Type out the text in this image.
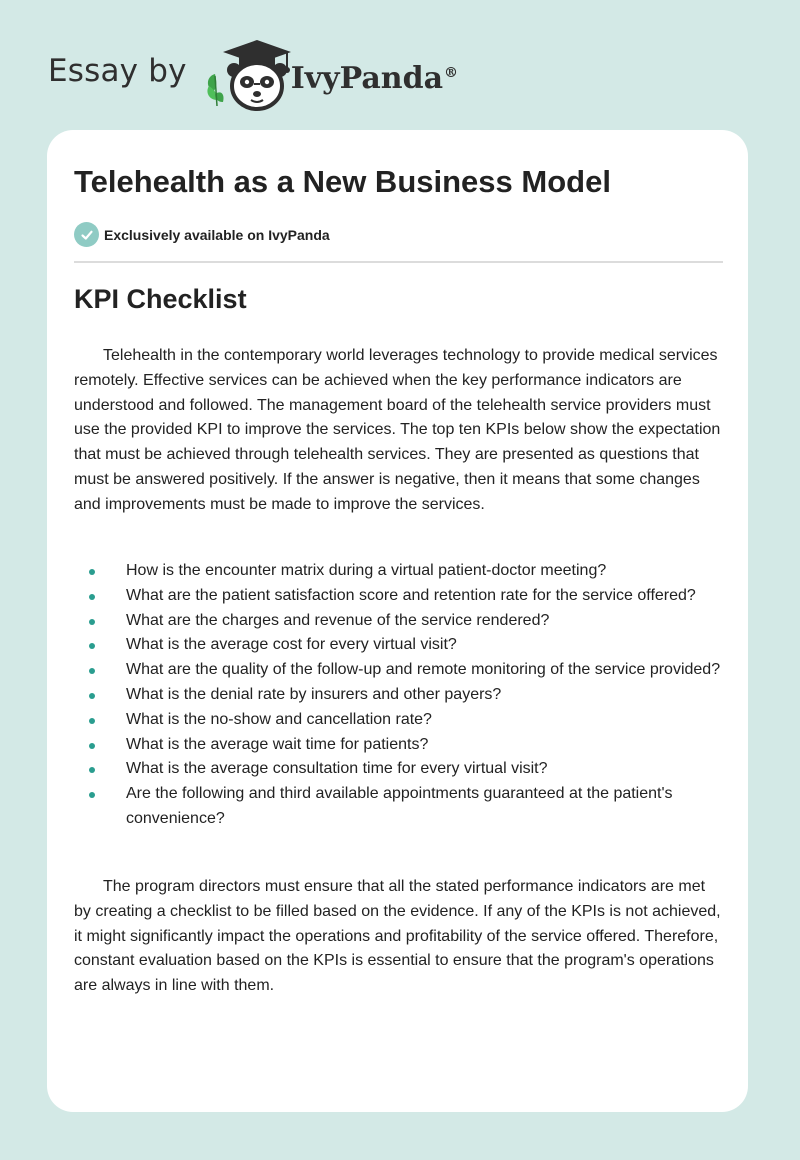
Essay by	IvyPanda®
Telehealth as a New Business Model
Exclusively available on IvyPanda
KPI Checklist

Telehealth in the contemporary world leverages technology to provide medical services remotely. Effective services can be achieved when the key performance indicators are understood and followed. The management board of the telehealth service providers must use the provided KPI to improve the services. The top ten KPIs below show the expectation that must be achieved through telehealth services. They are presented as questions that must be answered positively. If the answer is negative, then it means that some changes and improvements must be made to improve the services.

How is the encounter matrix during a virtual patient-doctor meeting?
What are the patient satisfaction score and retention rate for the service offered?
What are the charges and revenue of the service rendered?
What is the average cost for every virtual visit?
What are the quality of the follow-up and remote monitoring of the service provided?
What is the denial rate by insurers and other payers?
What is the no-show and cancellation rate?
What is the average wait time for patients?
What is the average consultation time for every virtual visit?
Are the following and third available appointments guaranteed at the patient's convenience?

The program directors must ensure that all the stated performance indicators are met by creating a checklist to be filled based on the evidence. If any of the KPIs is not achieved, it might significantly impact the operations and profitability of the service offered. Therefore, constant evaluation based on the KPIs is essential to ensure that the program's operations are always in line with them.
